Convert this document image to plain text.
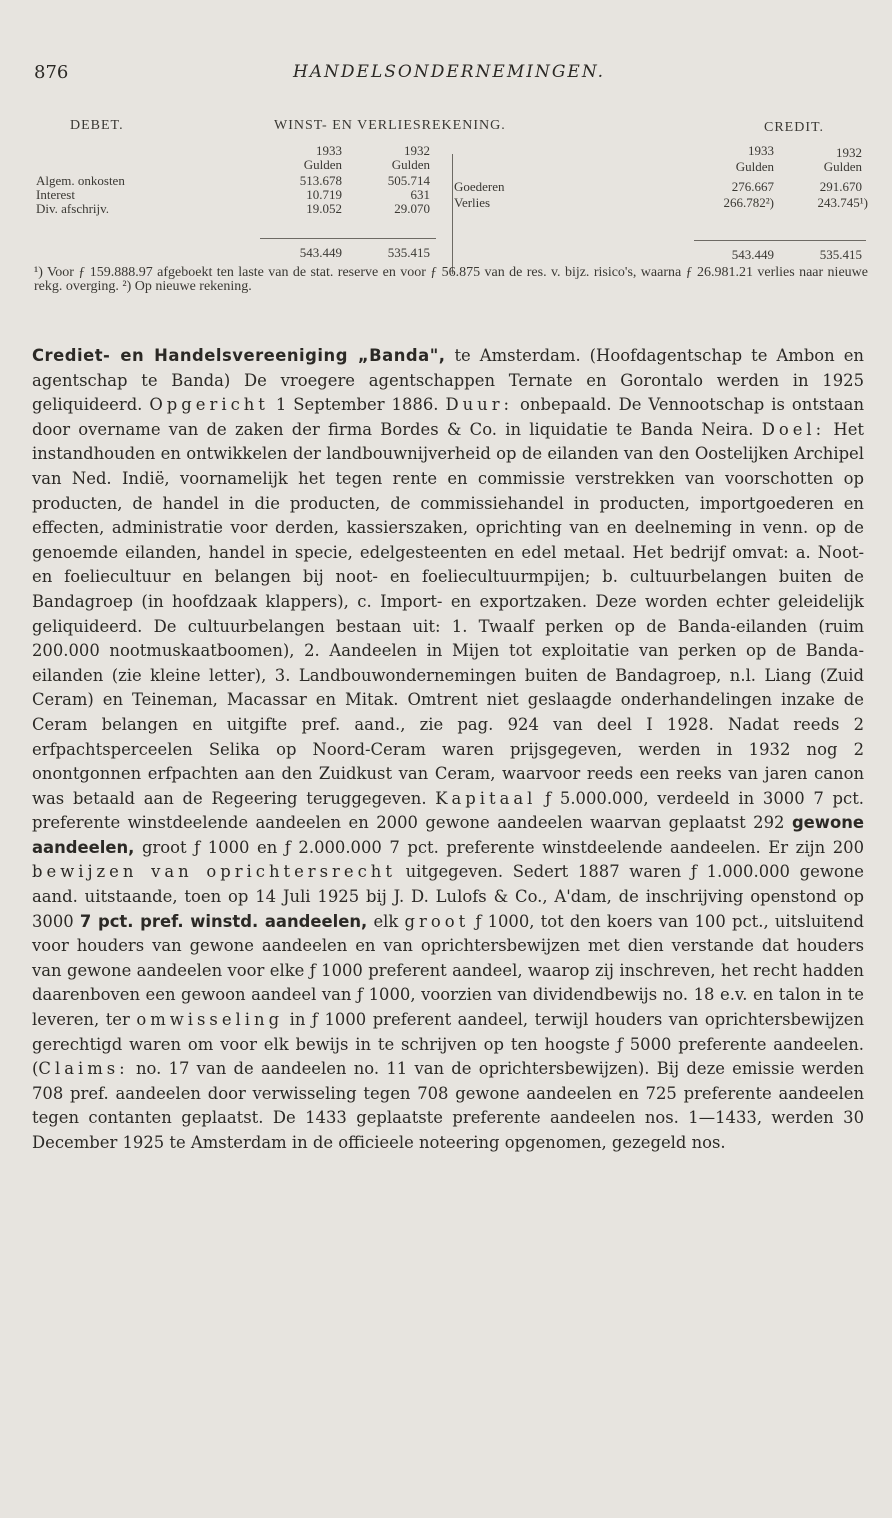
876	HANDELSONDERNEMINGEN.
DEBET.	WINST- EN VERLIESREKENING.	CREDIT.
1933	1932
Gulden	Gulden
Algem. onkosten	513.678	505.714
Interest	10.719	631
Div. afschrijv.	19.052	29.070
543.449	535.415
1933	1932
Gulden	Gulden
Goederen	276.667	291.670
Verlies	266.782²)	243.745¹)
543.449	535.415

¹) Voor ƒ 159.888.97 afgeboekt ten laste van de stat. reserve en voor ƒ 56.875 van de res. v. bijz. risico's, waarna ƒ 26.981.21 verlies naar nieuwe rekg. overging. ²) Op nieuwe rekening.

Crediet- en Handelsvereeniging „Banda", te Amsterdam. (Hoofdagentschap te Ambon en agentschap te Banda) De vroegere agentschappen Ternate en Gorontalo werden in 1925 geliquideerd. Opgericht 1 September 1886. Duur: onbepaald. De Vennootschap is ontstaan door overname van de zaken der firma Bordes & Co. in liquidatie te Banda Neira. Doel: Het instandhouden en ontwikkelen der landbouwnijverheid op de eilanden van den Oostelijken Archipel van Ned. Indië, voornamelijk het tegen rente en commissie verstrekken van voorschotten op producten, de handel in die producten, de commissiehandel in producten, importgoederen en effecten, administratie voor derden, kassierszaken, oprichting van en deelneming in venn. op de genoemde eilanden, handel in specie, edelgesteenten en edel metaal. Het bedrijf omvat: a. Noot- en foeliecultuur en belangen bij noot- en foeliecultuurmpijen; b. cultuurbelangen buiten de Bandagroep (in hoofdzaak klappers), c. Import- en exportzaken. Deze worden echter geleidelijk geliquideerd. De cultuurbelangen bestaan uit: 1. Twaalf perken op de Banda-eilanden (ruim 200.000 nootmuskaatboomen), 2. Aandeelen in Mijen tot exploitatie van perken op de Banda-eilanden (zie kleine letter), 3. Landbouwondernemingen buiten de Bandagroep, n.l. Liang (Zuid Ceram) en Teineman, Macassar en Mitak. Omtrent niet geslaagde onderhandelingen inzake de Ceram belangen en uitgifte pref. aand., zie pag. 924 van deel I 1928. Nadat reeds 2 erfpachtsperceelen Selika op Noord-Ceram waren prijsgegeven, werden in 1932 nog 2 onontgonnen erfpachten aan den Zuidkust van Ceram, waarvoor reeds een reeks van jaren canon was betaald aan de Regeering teruggegeven. Kapitaal ƒ 5.000.000, verdeeld in 3000 7 pct. preferente winstdeelende aandeelen en 2000 gewone aandeelen waarvan geplaatst 292 gewone aandeelen, groot ƒ 1000 en ƒ 2.000.000 7 pct. preferente winstdeelende aandeelen. Er zijn 200 bewijzen van oprichtersrecht uitgegeven. Sedert 1887 waren ƒ 1.000.000 gewone aand. uitstaande, toen op 14 Juli 1925 bij J. D. Lulofs & Co., A'dam, de inschrijving openstond op 3000 7 pct. pref. winstd. aandeelen, elk groot ƒ 1000, tot den koers van 100 pct., uitsluitend voor houders van gewone aandeelen en van oprichtersbewijzen met dien verstande dat houders van gewone aandeelen voor elke ƒ 1000 preferent aandeel, waarop zij inschreven, het recht hadden daarenboven een gewoon aandeel van ƒ 1000, voorzien van dividendbewijs no. 18 e.v. en talon in te leveren, ter omwisseling in ƒ 1000 preferent aandeel, terwijl houders van oprichtersbewijzen gerechtigd waren om voor elk bewijs in te schrijven op ten hoogste ƒ 5000 preferente aandeelen. (Claims: no. 17 van de aandeelen no. 11 van de oprichtersbewijzen). Bij deze emissie werden 708 pref. aandeelen door verwisseling tegen 708 gewone aandeelen en 725 preferente aandeelen tegen contanten geplaatst. De 1433 geplaatste preferente aandeelen nos. 1—1433, werden 30 December 1925 te Amsterdam in de officieele noteering opgenomen, gezegeld nos.
